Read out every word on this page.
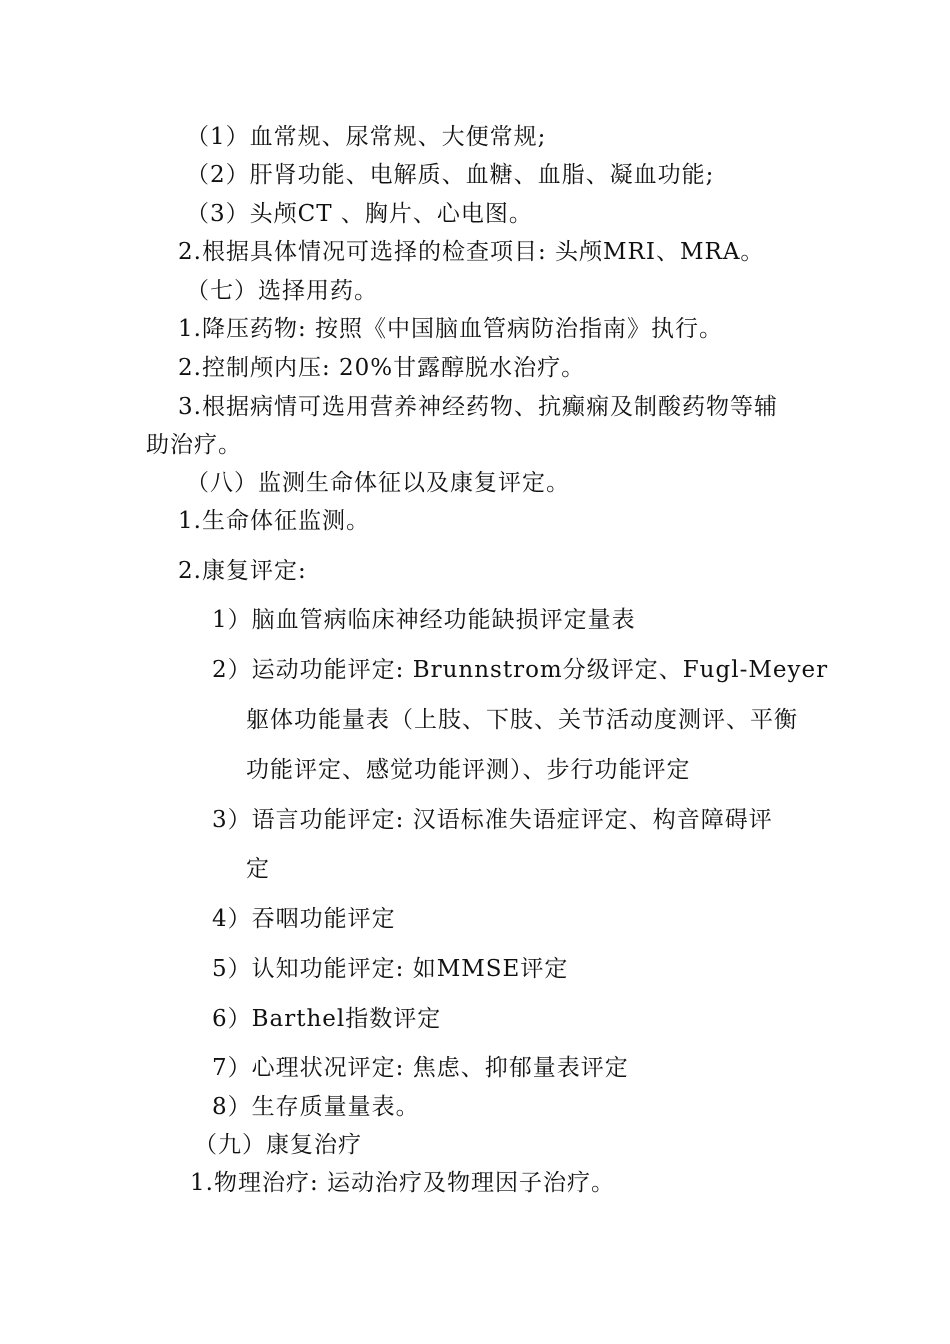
（1）血常规、尿常规、大便常规;
（2）肝肾功能、电解质、血糖、血脂、凝血功能;
（3）头颅CT 、胸片、心电图。
2.根据具体情况可选择的检查项目: 头颅MRI、MRA。
（七）选择用药。
1.降压药物: 按照《中国脑血管病防治指南》执行。
2.控制颅内压: 20%甘露醇脱水治疗。
3.根据病情可选用营养神经药物、抗癫痫及制酸药物等辅
助治疗。
（八）监测生命体征以及康复评定。
1.生命体征监测。
2.康复评定:
1）脑血管病临床神经功能缺损评定量表
2）运动功能评定: Brunnstrom分级评定、Fugl-Meyer
躯体功能量表（上肢、下肢、关节活动度测评、平衡
功能评定、感觉功能评测）、步行功能评定
3）语言功能评定: 汉语标准失语症评定、构音障碍评
定
4）吞咽功能评定
5）认知功能评定: 如MMSE评定
6）Barthel指数评定
7）心理状况评定: 焦虑、抑郁量表评定
8）生存质量量表。
（九）康复治疗
1.物理治疗: 运动治疗及物理因子治疗。
